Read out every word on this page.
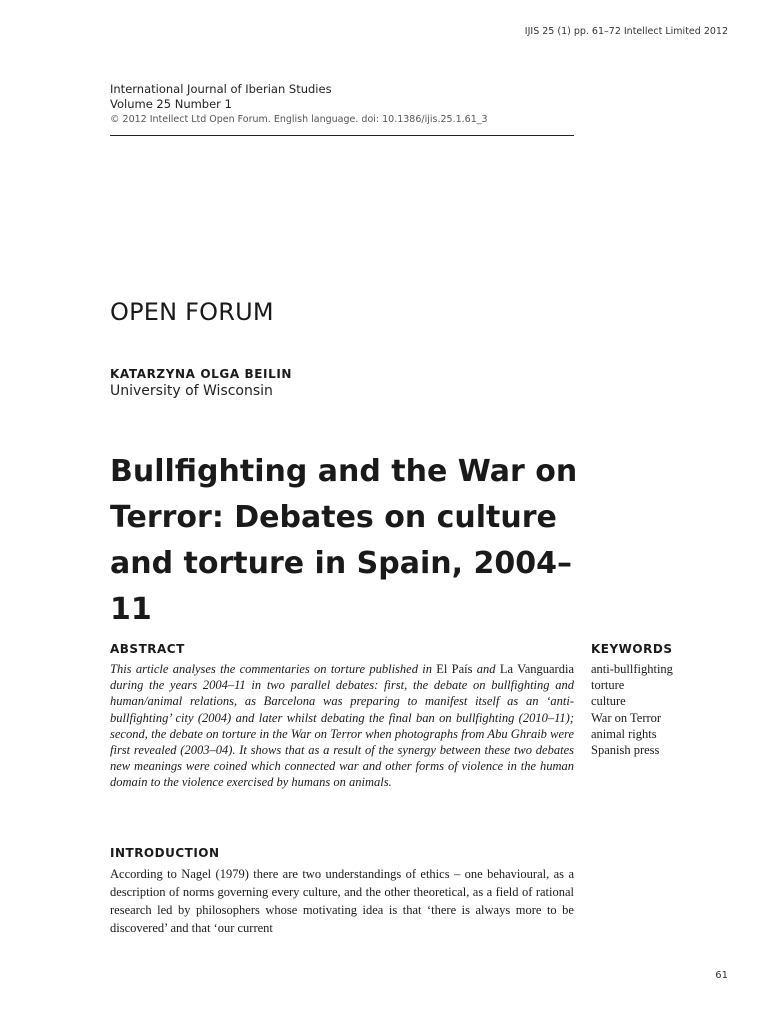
IJIS 25 (1) pp. 61–72 Intellect Limited 2012
International Journal of Iberian Studies
Volume 25 Number 1
© 2012 Intellect Ltd Open Forum. English language. doi: 10.1386/ijis.25.1.61_3
OPEN FORUM
KATARZYNA OLGA BEILIN
University of Wisconsin
Bullfighting and the War on Terror: Debates on culture and torture in Spain, 2004–11
ABSTRACT

This article analyses the commentaries on torture published in El País and La Vanguardia during the years 2004–11 in two parallel debates: first, the debate on bullfighting and human/animal relations, as Barcelona was preparing to manifest itself as an ‘anti-bullfighting’ city (2004) and later whilst debating the final ban on bullfighting (2010–11); second, the debate on torture in the War on Terror when photographs from Abu Ghraib were first revealed (2003–04). It shows that as a result of the synergy between these two debates new meanings were coined which connected war and other forms of violence in the human domain to the violence exercised by humans on animals.

KEYWORDS
anti-bullfighting
torture
culture
War on Terror
animal rights
Spanish press
INTRODUCTION

According to Nagel (1979) there are two understandings of ethics – one behavioural, as a description of norms governing every culture, and the other theoretical, as a field of rational research led by philosophers whose motivating idea is that ‘there is always more to be discovered’ and that ‘our current

61
